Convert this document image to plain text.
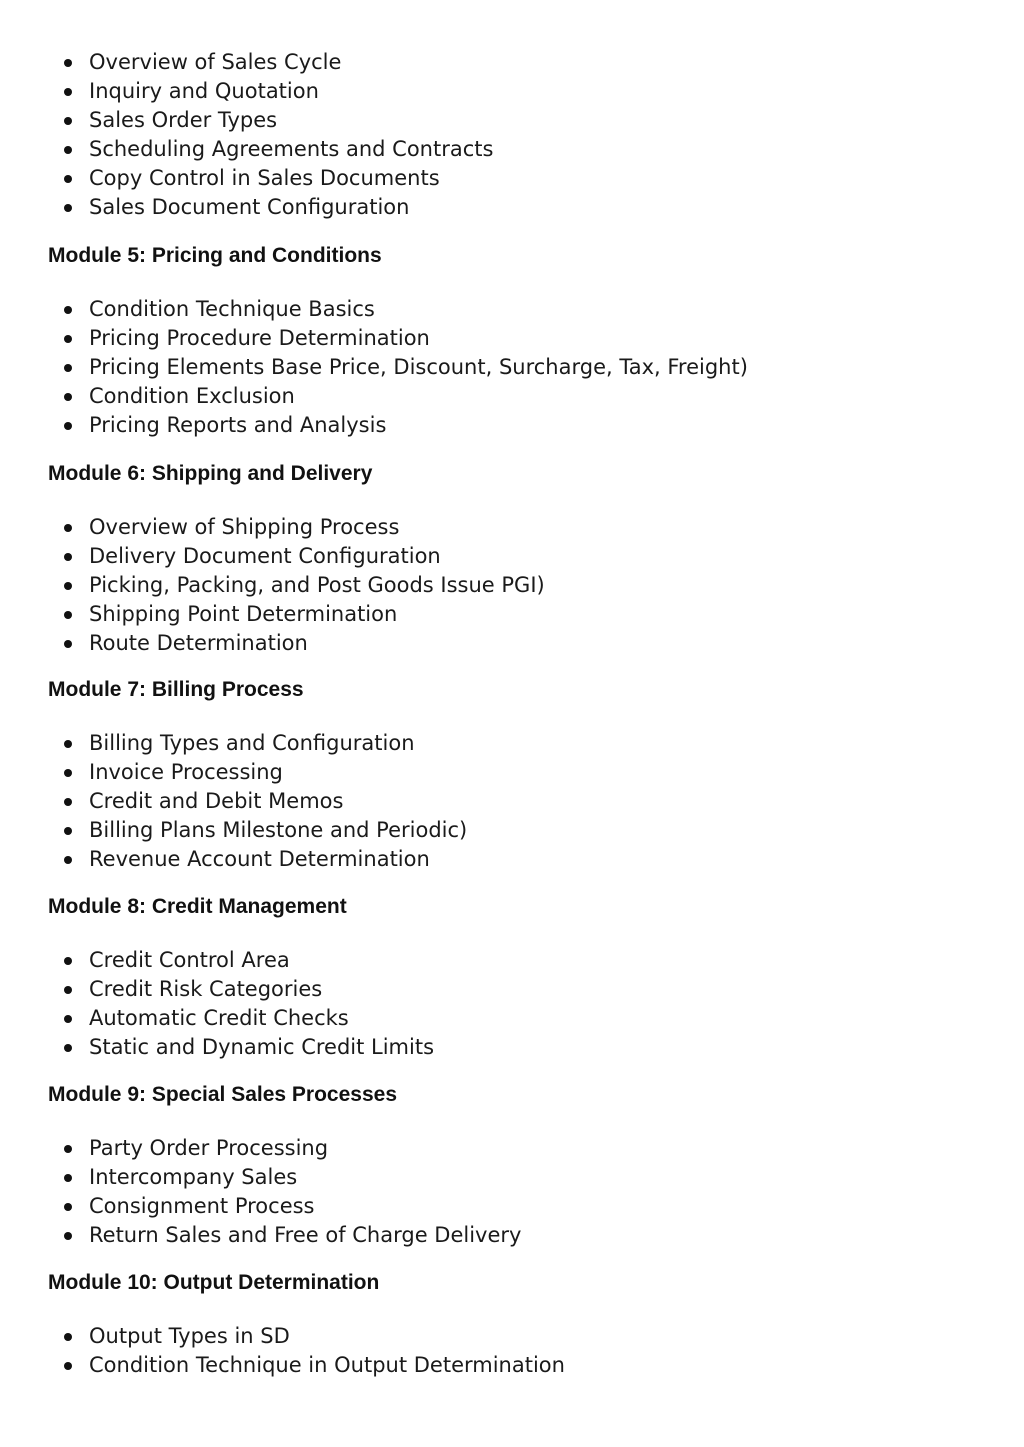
Overview of Sales Cycle
Inquiry and Quotation
Sales Order Types
Scheduling Agreements and Contracts
Copy Control in Sales Documents
Sales Document Configuration
Module 5: Pricing and Conditions
Condition Technique Basics
Pricing Procedure Determination
Pricing Elements Base Price, Discount, Surcharge, Tax, Freight)
Condition Exclusion
Pricing Reports and Analysis
Module 6: Shipping and Delivery
Overview of Shipping Process
Delivery Document Configuration
Picking, Packing, and Post Goods Issue PGI)
Shipping Point Determination
Route Determination
Module 7: Billing Process
Billing Types and Configuration
Invoice Processing
Credit and Debit Memos
Billing Plans Milestone and Periodic)
Revenue Account Determination
Module 8: Credit Management
Credit Control Area
Credit Risk Categories
Automatic Credit Checks
Static and Dynamic Credit Limits
Module 9: Special Sales Processes
Party Order Processing
Intercompany Sales
Consignment Process
Return Sales and Free of Charge Delivery
Module 10: Output Determination
Output Types in SD
Condition Technique in Output Determination
